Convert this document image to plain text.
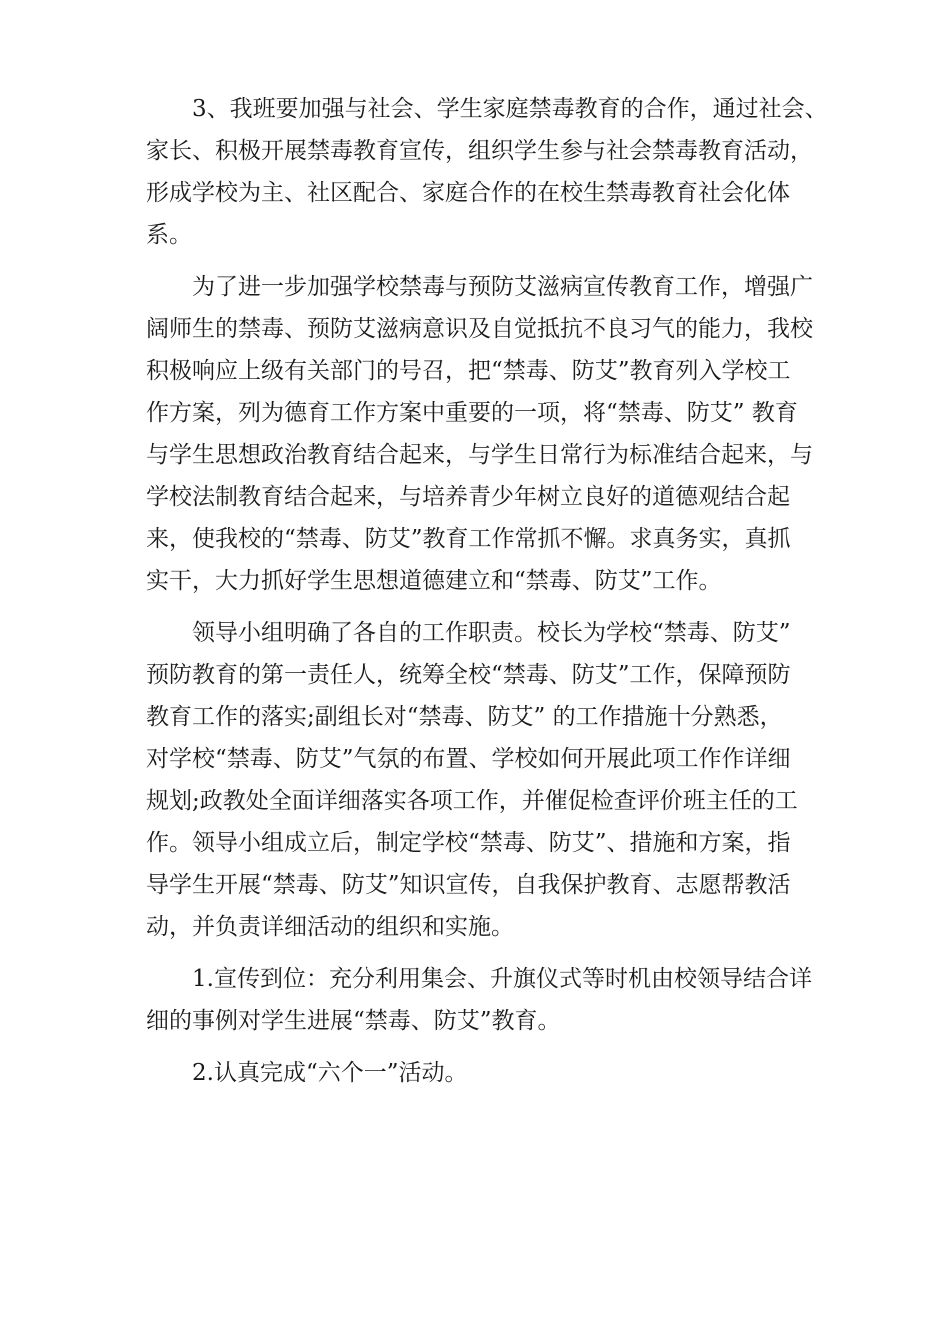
3、我班要加强与社会、学生家庭禁毒教育的合作，通过社会、
家长、积极开展禁毒教育宣传，组织学生参与社会禁毒教育活动，
形成学校为主、社区配合、家庭合作的在校生禁毒教育社会化体
系。
为了进一步加强学校禁毒与预防艾滋病宣传教育工作，增强广
阔师生的禁毒、预防艾滋病意识及自觉抵抗不良习气的能力，我校
积极响应上级有关部门的号召，把“禁毒、防艾”教育列入学校工
作方案，列为德育工作方案中重要的一项，将“禁毒、防艾” 教育
与学生思想政治教育结合起来，与学生日常行为标准结合起来，与
学校法制教育结合起来，与培养青少年树立良好的道德观结合起
来，使我校的“禁毒、防艾”教育工作常抓不懈。求真务实，真抓
实干，大力抓好学生思想道德建立和“禁毒、防艾”工作。
领导小组明确了各自的工作职责。校长为学校“禁毒、防艾”
预防教育的第一责任人，统筹全校“禁毒、防艾”工作，保障预防
教育工作的落实;副组长对“禁毒、防艾” 的工作措施十分熟悉，
对学校“禁毒、防艾”气氛的布置、学校如何开展此项工作作详细
规划;政教处全面详细落实各项工作，并催促检查评价班主任的工
作。领导小组成立后，制定学校“禁毒、防艾”、措施和方案，指
导学生开展“禁毒、防艾”知识宣传，自我保护教育、志愿帮教活
动，并负责详细活动的组织和实施。
1.宣传到位：充分利用集会、升旗仪式等时机由校领导结合详
细的事例对学生进展“禁毒、防艾”教育。
2.认真完成“六个一”活动。
